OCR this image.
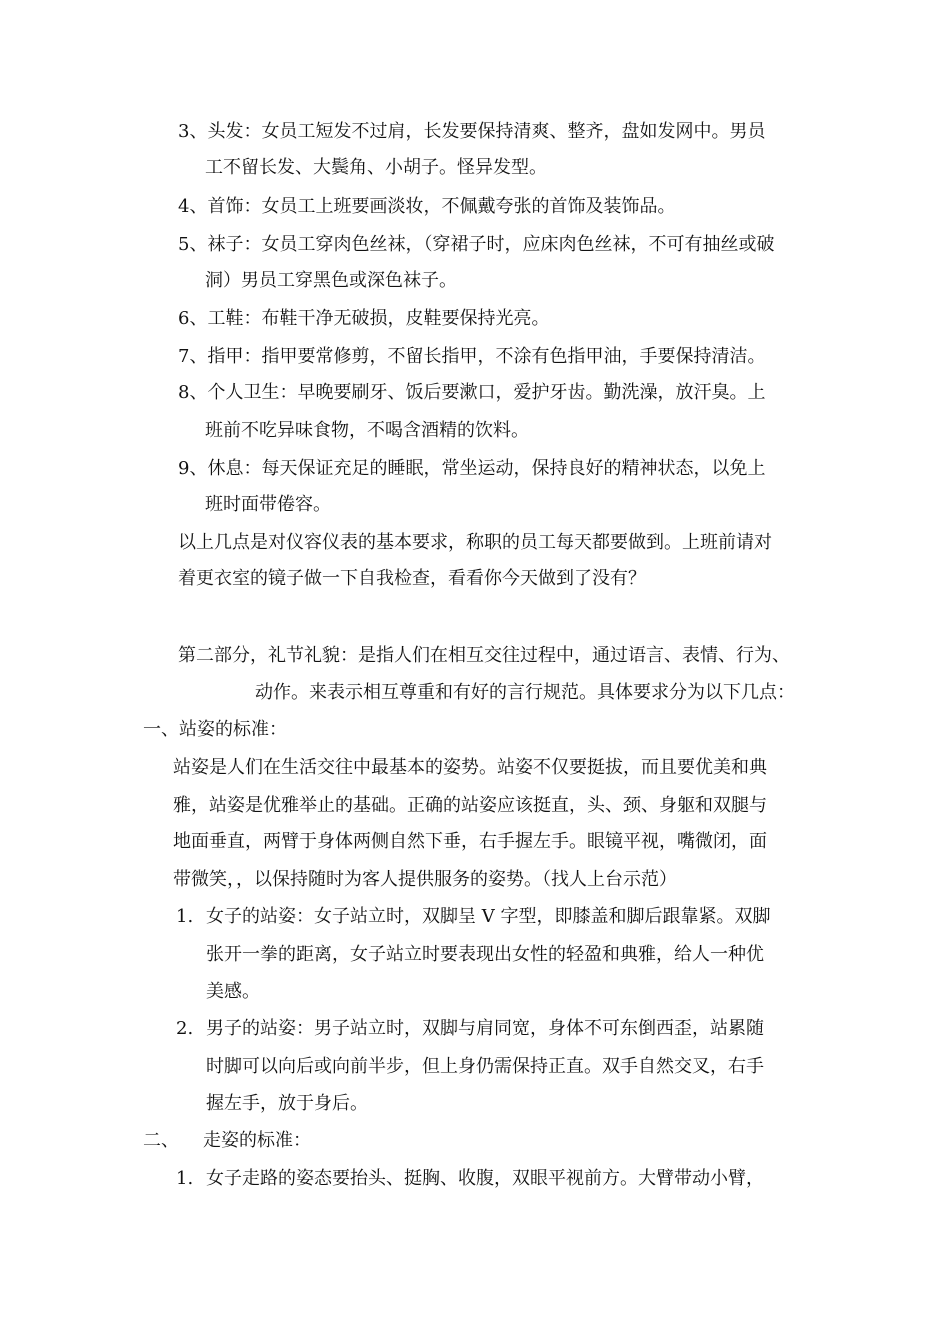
3、头发：女员工短发不过肩，长发要保持清爽、整齐，盘如发网中。男员
工不留长发、大鬓角、小胡子。怪异发型。
4、首饰：女员工上班要画淡妆，不佩戴夸张的首饰及装饰品。
5、袜子：女员工穿肉色丝袜，（穿裙子时，应床肉色丝袜，不可有抽丝或破
洞）男员工穿黑色或深色袜子。
6、工鞋：布鞋干净无破损，皮鞋要保持光亮。
7、指甲：指甲要常修剪，不留长指甲，不涂有色指甲油，手要保持清洁。
8、个人卫生：早晚要刷牙、饭后要漱口，爱护牙齿。勤洗澡，放汗臭。上
班前不吃异味食物，不喝含酒精的饮料。
9、休息：每天保证充足的睡眠，常坐运动，保持良好的精神状态，以免上
班时面带倦容。
以上几点是对仪容仪表的基本要求，称职的员工每天都要做到。上班前请对
着更衣室的镜子做一下自我检查，看看你今天做到了没有？
第二部分，礼节礼貌：是指人们在相互交往过程中，通过语言、表情、行为、
动作。来表示相互尊重和有好的言行规范。具体要求分为以下几点：
一、站姿的标准：
站姿是人们在生活交往中最基本的姿势。站姿不仅要挺拔，而且要优美和典
雅，站姿是优雅举止的基础。正确的站姿应该挺直，头、颈、身躯和双腿与
地面垂直，两臂于身体两侧自然下垂，右手握左手。眼镜平视，嘴微闭，面
带微笑，，以保持随时为客人提供服务的姿势。（找人上台示范）
1. 女子的站姿：女子站立时，双脚呈 V 字型，即膝盖和脚后跟靠紧。双脚
张开一拳的距离，女子站立时要表现出女性的轻盈和典雅，给人一种优
美感。
2. 男子的站姿：男子站立时，双脚与肩同宽，身体不可东倒西歪，站累随
时脚可以向后或向前半步，但上身仍需保持正直。双手自然交叉，右手
握左手，放于身后。
二、 走姿的标准：
1. 女子走路的姿态要抬头、挺胸、收腹，双眼平视前方。大臂带动小臂，
